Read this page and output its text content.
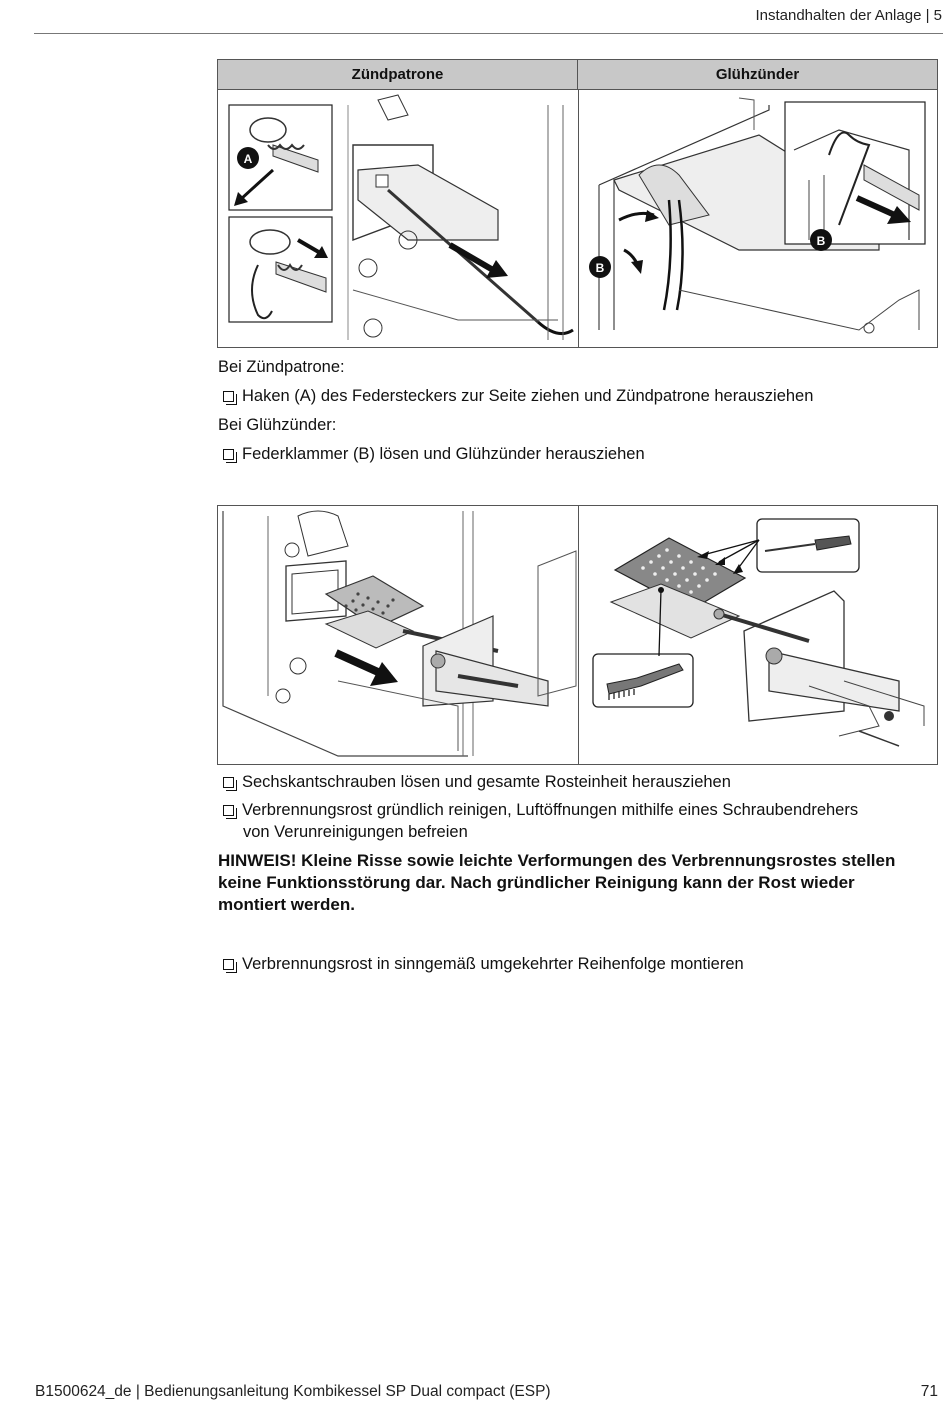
Instandhalten der Anlage | 5
Zündpatrone	Glühzünder
A
B
B
Bei Zündpatrone:
Haken (A) des Federsteckers zur Seite ziehen und Zündpatrone herausziehen
Bei Glühzünder:
Federklammer (B) lösen und Glühzünder herausziehen
Sechskantschrauben lösen und gesamte Rosteinheit herausziehen
Verbrennungsrost gründlich reinigen, Luftöffnungen mithilfe eines Schraubendrehers
von Verunreinigungen befreien
HINWEIS! Kleine Risse sowie leichte Verformungen des Verbrennungsrostes stellen keine Funktionsstörung dar. Nach gründlicher Reinigung kann der Rost wieder montiert werden.
Verbrennungsrost in sinngemäß umgekehrter Reihenfolge montieren
B1500624_de | Bedienungsanleitung Kombikessel SP Dual compact (ESP)	71
